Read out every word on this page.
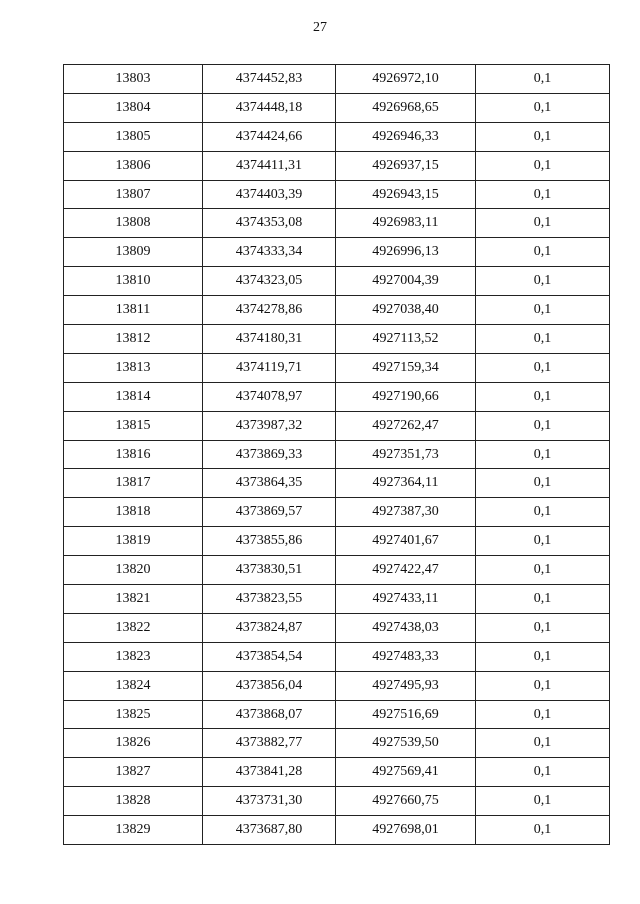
27
13803	4374452,83	4926972,10	0,1
13804	4374448,18	4926968,65	0,1
13805	4374424,66	4926946,33	0,1
13806	4374411,31	4926937,15	0,1
13807	4374403,39	4926943,15	0,1
13808	4374353,08	4926983,11	0,1
13809	4374333,34	4926996,13	0,1
13810	4374323,05	4927004,39	0,1
13811	4374278,86	4927038,40	0,1
13812	4374180,31	4927113,52	0,1
13813	4374119,71	4927159,34	0,1
13814	4374078,97	4927190,66	0,1
13815	4373987,32	4927262,47	0,1
13816	4373869,33	4927351,73	0,1
13817	4373864,35	4927364,11	0,1
13818	4373869,57	4927387,30	0,1
13819	4373855,86	4927401,67	0,1
13820	4373830,51	4927422,47	0,1
13821	4373823,55	4927433,11	0,1
13822	4373824,87	4927438,03	0,1
13823	4373854,54	4927483,33	0,1
13824	4373856,04	4927495,93	0,1
13825	4373868,07	4927516,69	0,1
13826	4373882,77	4927539,50	0,1
13827	4373841,28	4927569,41	0,1
13828	4373731,30	4927660,75	0,1
13829	4373687,80	4927698,01	0,1
